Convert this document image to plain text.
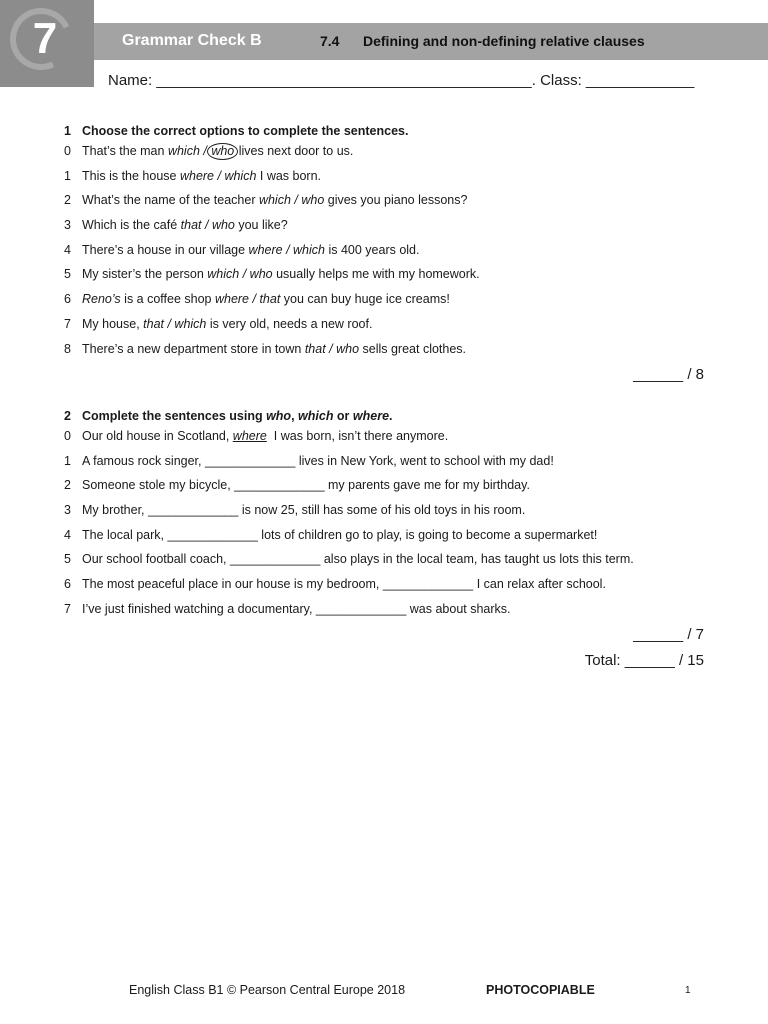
7	Grammar Check B	7.4 Defining and non-defining relative clauses
Name: _____________________________________________. Class: _____________
1 Choose the correct options to complete the sentences.
0 That’s the man which / who lives next door to us.
1 This is the house where / which I was born.
2 What’s the name of the teacher which / who gives you piano lessons?
3 Which is the café that / who you like?
4 There’s a house in our village where / which is 400 years old.
5 My sister’s the person which / who usually helps me with my homework.
6 Reno’s is a coffee shop where / that you can buy huge ice creams!
7 My house, that / which is very old, needs a new roof.
8 There’s a new department store in town that / who sells great clothes.
______ / 8
2 Complete the sentences using who, which or where.
0 Our old house in Scotland, where  I was born, isn’t there anymore.
1 A famous rock singer, _____________ lives in New York, went to school with my dad!
2 Someone stole my bicycle, _____________ my parents gave me for my birthday.
3 My brother, _____________ is now 25, still has some of his old toys in his room.
4 The local park, _____________ lots of children go to play, is going to become a supermarket!
5 Our school football coach, _____________ also plays in the local team, has taught us lots this term.
6 The most peaceful place in our house is my bedroom, _____________ I can relax after school.
7 I’ve just finished watching a documentary, _____________ was about sharks.
______ / 7
Total: ______ / 15
English Class B1 © Pearson Central Europe 2018	PHOTOCOPIABLE	1
